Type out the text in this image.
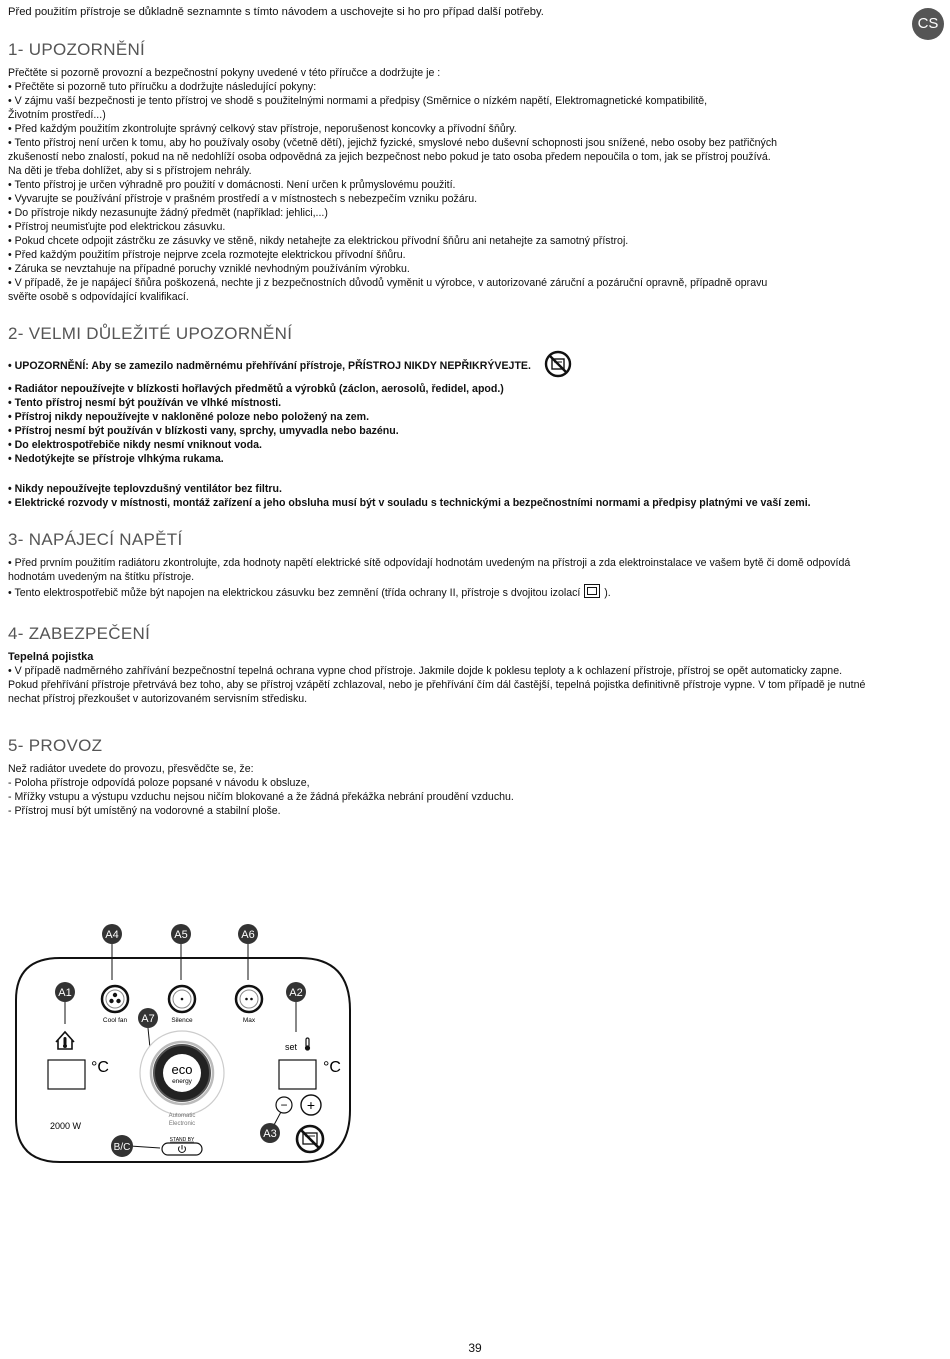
Před použitím přístroje se důkladně seznamnte s tímto návodem a uschovejte si ho pro případ další potřeby.
CS
1- UPOZORNĚNÍ

Přečtěte si pozorně provozní a bezpečnostní pokyny uvedené v této příručce a dodržujte je :

• Přečtěte si pozorně tuto příručku a dodržujte následující pokyny:

• V zájmu vaší bezpečnosti je tento přístroj ve shodě s použitelnými normami a předpisy (Směrnice o nízkém napětí, Elektromagnetické kompatibilitě,

Životním prostředí...)

• Před každým použitím zkontrolujte správný celkový stav přístroje, neporušenost koncovky a přívodní šňůry.

• Tento přístroj není určen k tomu, aby ho používaly osoby (včetně dětí), jejichž fyzické, smyslové nebo duševní schopnosti jsou snížené, nebo osoby bez patřičných

zkušeností nebo znalostí, pokud na ně nedohlíží osoba odpovědná za jejich bezpečnost nebo pokud je tato osoba předem nepoučila o tom, jak se přístroj používá.

Na děti je třeba dohlížet, aby si s přístrojem nehrály.

• Tento přístroj je určen výhradně pro použití v domácnosti. Není určen k průmyslovému použití.

• Vyvarujte se používání přístroje v prašném prostředí a v místnostech s nebezpečím vzniku požáru.

• Do přístroje nikdy nezasunujte žádný předmět (například: jehlici,...)

• Přístroj neumisťujte pod elektrickou zásuvku.

• Pokud chcete odpojit zástrčku ze zásuvky ve stěně, nikdy netahejte za elektrickou přívodní šňůru ani netahejte za samotný přístroj.

• Před každým použitím přístroje nejprve zcela rozmotejte elektrickou přívodní šňůru.

• Záruka se nevztahuje na případné poruchy vzniklé nevhodným používáním výrobku.

• V případě, že je napájecí šňůra poškozená, nechte ji z bezpečnostních důvodů vyměnit u výrobce, v autorizované záruční a pozáruční opravně, případně opravu

svěřte osobě s odpovídající kvalifikací.

2- VELMI DŮLEŽITÉ UPOZORNĚNÍ

• UPOZORNĚNÍ: Aby se zamezilo nadměrnému přehřívání přístroje, PŘÍSTROJ NIKDY NEPŘIKRÝVEJTE.

• Radiátor nepoužívejte v blízkosti hořlavých předmětů a výrobků (záclon, aerosolů, ředidel, apod.)

• Tento přístroj nesmí být používán ve vlhké místnosti.

• Přístroj nikdy nepoužívejte v nakloněné poloze nebo položený na zem.

• Přístroj nesmí být používán v blízkosti vany, sprchy, umyvadla nebo bazénu.

• Do elektrospotřebiče nikdy nesmí vniknout voda.

• Nedotýkejte se přístroje vlhkýma rukama.

• Nikdy nepoužívejte teplovzdušný ventilátor bez filtru.

• Elektrické rozvody v místnosti, montáž zařízení a jeho obsluha musí být v souladu s technickými a bezpečnostními normami a předpisy platnými ve vaší zemi.

3- NAPÁJECÍ NAPĚTÍ

• Před prvním použitím radiátoru zkontrolujte, zda hodnoty napětí elektrické sítě odpovídají hodnotám uvedeným na přístroji a zda elektroinstalace ve vašem bytě či domě odpovídá

hodnotám uvedeným na štítku přístroje.

• Tento elektrospotřebič může být napojen na elektrickou zásuvku bez zemnění (třída ochrany II, přístroje s dvojitou izolací ).

4- ZABEZPEČENÍ

Tepelná pojistka

• V případě nadměrného zahřívání bezpečnostní tepelná ochrana vypne chod přístroje. Jakmile dojde k poklesu teploty a k ochlazení přístroje, přístroj se opět automaticky zapne.

Pokud přehřívání přístroje přetrvává bez toho, aby se přístroj vzápětí zchlazoval, nebo je přehřívání čím dál častější, tepelná pojistka definitivně přístroje vypne. V tom případě je nutné

nechat přístroj přezkoušet v autorizovaném servisním středisku.

5- PROVOZ

Než radiátor uvedete do provozu, přesvědčte se, že:

- Poloha přístroje odpovídá poloze popsané v návodu k obsluze,

- Mřížky vstupu a výstupu vzduchu nejsou ničím blokované a že žádná překážka nebrání proudění vzduchu.

- Přístroj musí být umístěný na vodorovné a stabilní ploše.

A4	A5	A6
A1	A2
A7
A3
B/C
Cool fan	Silence	Max
set
°C	°C
eco
energy
Automatic
Electronic
2000 W
− +
STAND BY
39
